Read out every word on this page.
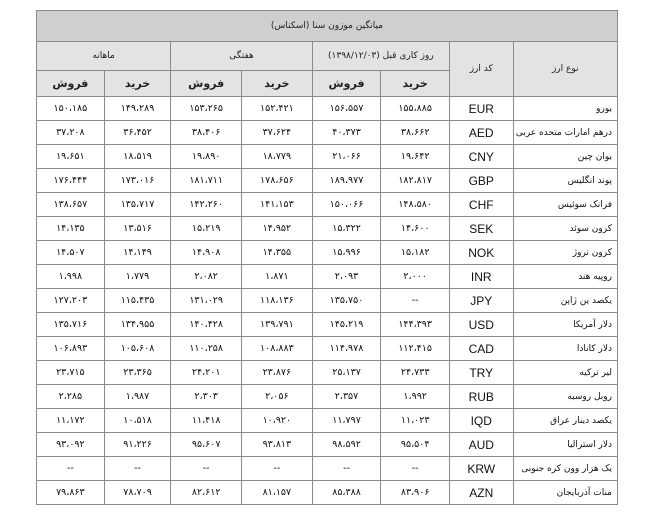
میانگین موزون سنا (اسکناس)							
نوع ارز	کد ارز	روز کاری قبل (۱۳۹۸/۱۲/۰۳)		هفتگی		ماهانه	
		خرید	فروش	خرید	فروش	خرید	فروش
یورو	EUR	۱۵۵،۸۸۵	۱۵۶،۵۵۷	۱۵۲،۴۲۱	۱۵۳،۲۶۵	۱۴۹،۲۸۹	۱۵۰،۱۸۵
درهم امارات متحده عربی	AED	۳۸،۶۶۲	۴۰،۳۷۳	۳۷،۶۲۴	۳۸،۴۰۶	۳۶،۴۵۲	۳۷،۲۰۸
یوان چین	CNY	۱۹،۶۴۲	۲۱،۰۶۶	۱۸،۷۷۹	۱۹،۸۹۰	۱۸،۵۱۹	۱۹،۶۵۱
پوند انگلیس	GBP	۱۸۲،۸۱۷	۱۸۹،۹۷۷	۱۷۸،۶۵۶	۱۸۱،۷۱۱	۱۷۳،۰۱۶	۱۷۶،۴۴۴
فرانک سوئیس	CHF	۱۴۸،۵۸۰	۱۵۰،۰۶۶	۱۴۱،۱۵۳	۱۴۲،۲۶۰	۱۳۵،۷۱۷	۱۳۸،۶۵۷
کرون سوئد	SEK	۱۴،۶۰۰	۱۵،۳۲۲	۱۴،۹۵۲	۱۵،۲۱۹	۱۳،۵۱۶	۱۴،۱۳۵
کرون نروژ	NOK	۱۵،۱۸۲	۱۵،۹۹۶	۱۴،۳۵۵	۱۴،۹۰۸	۱۴،۱۴۹	۱۴،۵۰۷
روپیه هند	INR	۲،۰۰۰	۲،۰۹۳	۱،۸۷۱	۲،۰۸۲	۱،۷۷۹	۱،۹۹۸
یکصد ین ژاپن	JPY	--	۱۳۵،۷۵۰	۱۱۸،۱۳۶	۱۳۱،۰۲۹	۱۱۵،۴۳۵	۱۲۷،۲۰۳
دلار آمریکا	USD	۱۴۴،۳۹۳	۱۴۵،۲۱۹	۱۳۹،۷۹۱	۱۴۰،۴۲۸	۱۳۴،۹۵۵	۱۳۵،۷۱۶
دلار کانادا	CAD	۱۱۲،۴۱۵	۱۱۴،۹۷۸	۱۰۸،۸۸۳	۱۱۰،۲۵۸	۱۰۵،۶۰۸	۱۰۶،۸۹۳
لیر ترکیه	TRY	۲۴،۷۳۳	۲۵،۱۳۷	۲۳،۸۷۶	۲۴،۲۰۱	۲۳،۳۶۵	۲۳،۷۱۵
روبل روسیه	RUB	۱،۹۹۲	۲،۳۵۷	۲،۰۵۶	۲،۳۰۳	۱،۹۸۷	۲،۲۸۵
یکصد دینار عراق	IQD	۱۱،۰۲۳	۱۱،۷۹۷	۱۰،۹۲۰	۱۱،۴۱۸	۱۰،۵۱۸	۱۱،۱۷۲
دلار استرالیا	AUD	۹۵،۵۰۴	۹۸،۵۹۲	۹۳،۸۱۳	۹۵،۶۰۷	۹۱،۲۲۶	۹۳،۰۹۲
یک هزار وون کره جنوبی	KRW	--	--	--	--	--	--
منات آذربایجان	AZN	۸۳،۹۰۶	۸۵،۳۸۸	۸۱،۱۵۷	۸۲،۶۱۲	۷۸،۷۰۹	۷۹،۸۶۳
